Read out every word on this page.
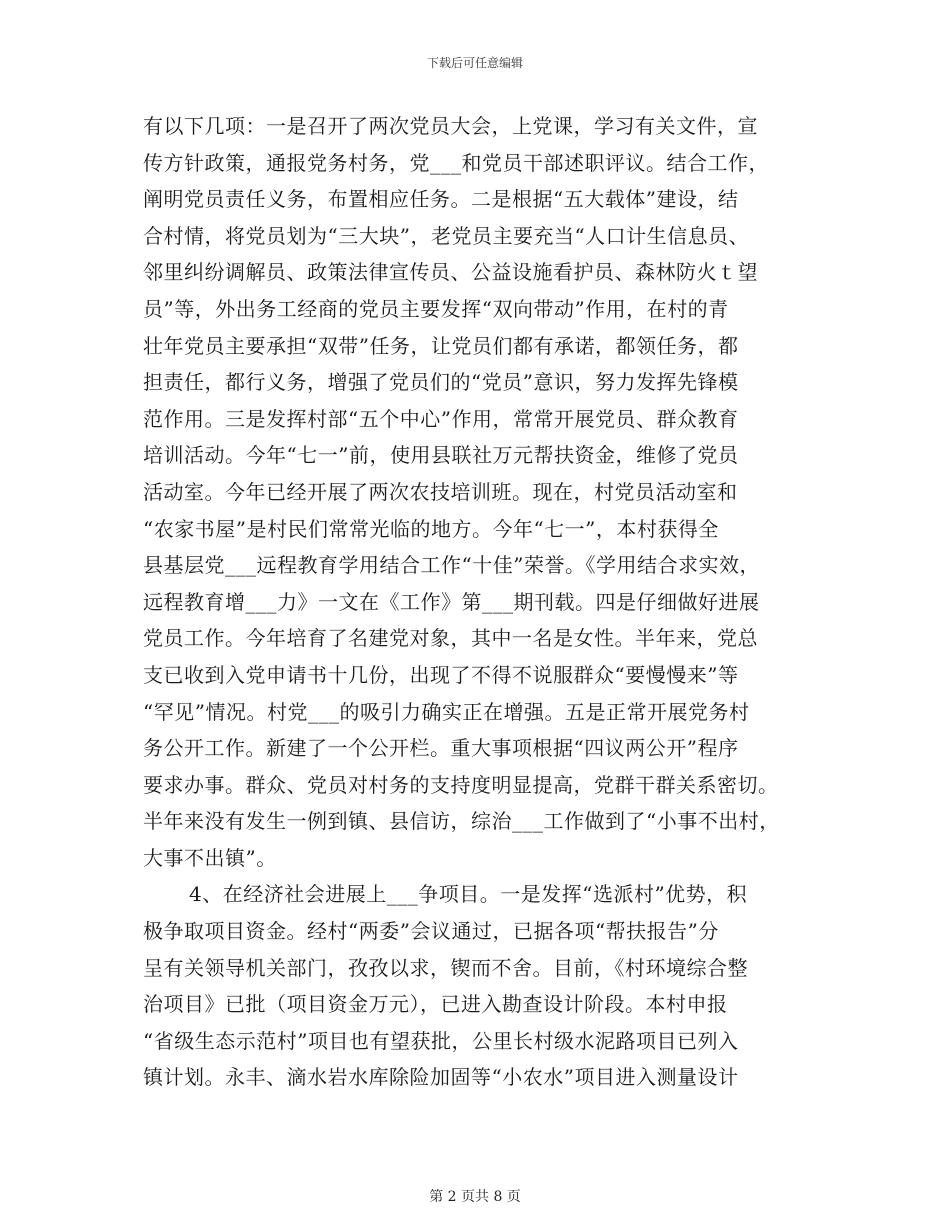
下载后可任意编辑
有以下几项：一是召开了两次党员大会，上党课，学习有关文件，宣
传方针政策，通报党务村务，党___和党员干部述职评议。结合工作，
阐明党员责任义务，布置相应任务。二是根据“五大载体”建设，结
合村情，将党员划为“三大块”，老党员主要充当“人口计生信息员、
邻里纠纷调解员、政策法律宣传员、公益设施看护员、森林防火ｔ望
员”等，外出务工经商的党员主要发挥“双向带动”作用，在村的青
壮年党员主要承担“双带”任务，让党员们都有承诺，都领任务，都
担责任，都行义务，增强了党员们的“党员”意识，努力发挥先锋模
范作用。三是发挥村部“五个中心”作用，常常开展党员、群众教育
培训活动。今年“七一”前，使用县联社万元帮扶资金，维修了党员
活动室。今年已经开展了两次农技培训班。现在，村党员活动室和
“农家书屋”是村民们常常光临的地方。今年“七一”，本村获得全
县基层党___远程教育学用结合工作“十佳”荣誉。《学用结合求实效，
远程教育增___力》一文在《工作》第___期刊载。四是仔细做好进展
党员工作。今年培育了名建党对象，其中一名是女性。半年来，党总
支已收到入党申请书十几份，出现了不得不说服群众“要慢慢来”等
“罕见”情况。村党___的吸引力确实正在增强。五是正常开展党务村
务公开工作。新建了一个公开栏。重大事项根据“四议两公开”程序
要求办事。群众、党员对村务的支持度明显提高，党群干群关系密切。
半年来没有发生一例到镇、县信访，综治___工作做到了“小事不出村，
大事不出镇”。
4、在经济社会进展上___争项目。一是发挥“选派村”优势，积
极争取项目资金。经村“两委”会议通过，已据各项“帮扶报告”分
呈有关领导机关部门，孜孜以求，锲而不舍。目前，《村环境综合整
治项目》已批（项目资金万元），已进入勘查设计阶段。本村申报
“省级生态示范村”项目也有望获批，公里长村级水泥路项目已列入
镇计划。永丰、滴水岩水库除险加固等“小农水”项目进入测量设计
第 2 页共 8 页
